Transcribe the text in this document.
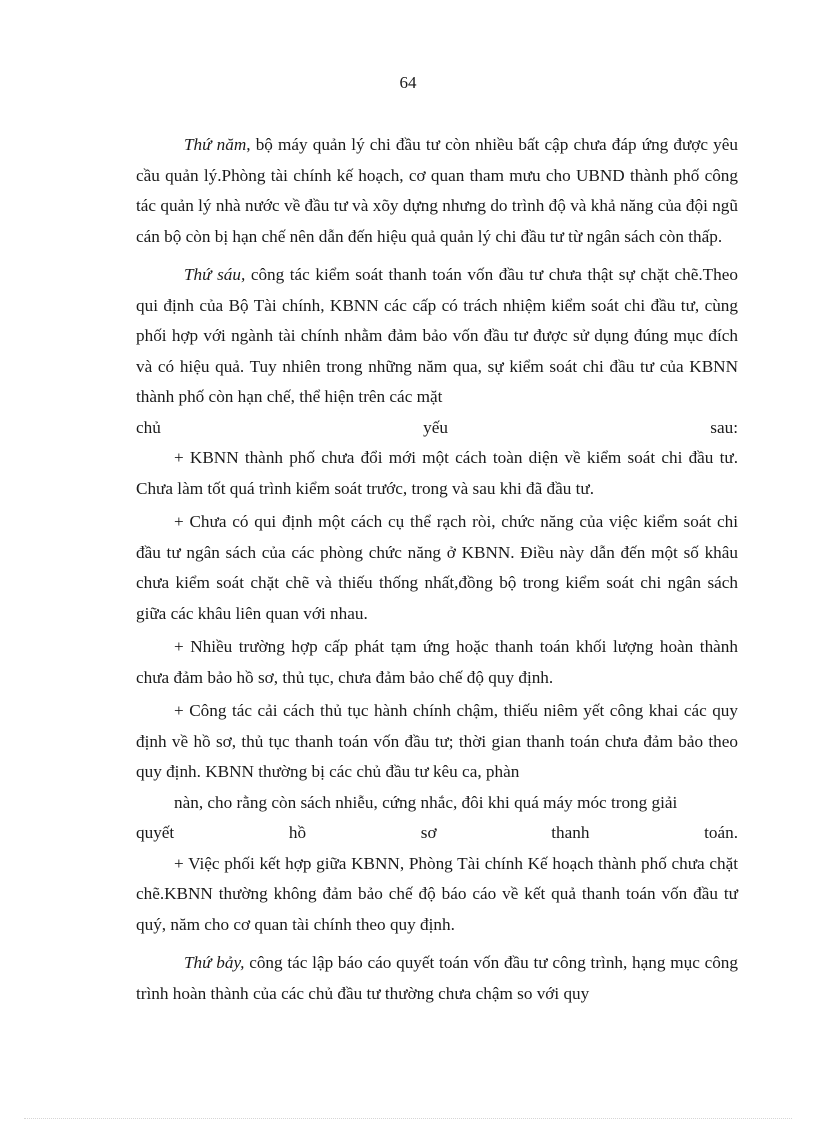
64

Thứ năm, bộ máy quản lý chi đầu tư còn nhiều bất cập chưa đáp ứng được yêu cầu quản lý.Phòng tài chính kế hoạch, cơ quan tham mưu cho UBND thành phố công tác quản lý nhà nước về đầu tư và xõy dựng nhưng do trình độ và khả năng của đội ngũ cán bộ còn bị hạn chế nên dẫn đến hiệu quả quản lý chi đầu tư từ ngân sách còn thấp.

Thứ sáu, công tác kiểm soát thanh toán vốn đầu tư chưa thật sự chặt chẽ.Theo qui định của Bộ Tài chính, KBNN các cấp có trách nhiệm kiểm soát chi đầu tư, cùng phối hợp với ngành tài chính nhằm đảm bảo vốn đầu tư được sử dụng đúng mục đích và có hiệu quả. Tuy nhiên trong những năm qua, sự kiểm soát chi đầu tư của KBNN thành phố còn hạn chế, thể hiện trên các mặt

chủ yếu sau:

+ KBNN thành phố chưa đổi mới một cách toàn diện về kiểm soát chi đầu tư. Chưa làm tốt quá trình kiểm soát trước, trong và sau khi đã đầu tư.

+ Chưa có qui định một cách cụ thể rạch ròi, chức năng của việc kiểm soát chi đầu tư ngân sách của các phòng chức năng ở KBNN. Điều này dẫn đến một số khâu chưa kiểm soát chặt chẽ và thiếu thống nhất,đồng bộ trong kiểm soát chi ngân sách giữa các khâu liên quan với nhau.

+ Nhiều trường hợp cấp phát tạm ứng hoặc thanh toán khối lượng hoàn thành chưa đảm bảo hồ sơ, thủ tục, chưa đảm bảo chế độ quy định.

+ Công tác cải cách thủ tục hành chính chậm, thiếu niêm yết công khai các quy định về hồ sơ, thủ tục thanh toán vốn đầu tư; thời gian thanh toán chưa đảm bảo theo quy định. KBNN thường bị các chủ đầu tư kêu ca, phàn

nàn, cho rằng còn sách nhiễu, cứng nhắc, đôi khi quá máy móc trong giải

quyết hồ sơ thanh toán.

+ Việc phối kết hợp giữa KBNN, Phòng Tài chính Kế hoạch thành phố chưa chặt chẽ.KBNN thường không đảm bảo chế độ báo cáo về kết quả thanh toán vốn đầu tư quý, năm cho cơ quan tài chính theo quy định.

Thứ bảy, công tác lập báo cáo quyết toán vốn đầu tư công trình, hạng mục công trình hoàn thành của các chủ đầu tư thường chưa chậm so với quy
